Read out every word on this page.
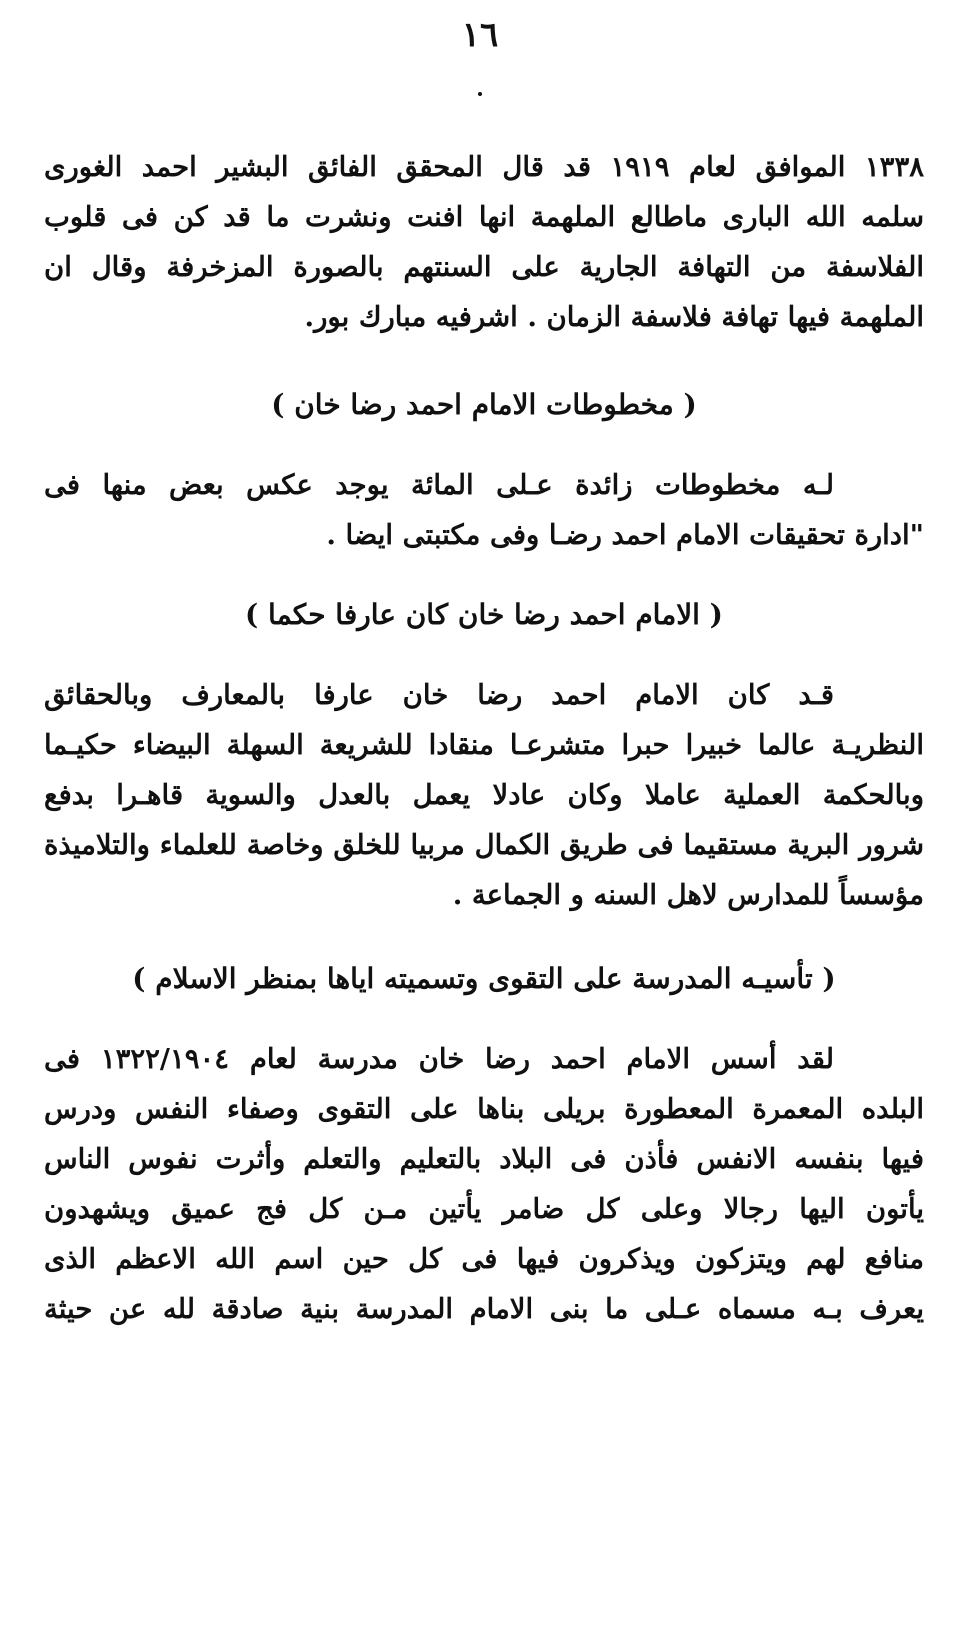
١٦
١٣٣٨ الموافق لعام ١٩١٩ قد قال المحقق الفائق البشير احمد الغورى
سلمه الله البارى ماطالع الملهمة انها افنت ونشرت ما قد كن فى قلوب
الفلاسفة من التهافة الجارية على السنتهم بالصورة المزخرفة وقال ان
الملهمة فيها تهافة فلاسفة الزمان . اشرفيه مبارك بور.

( مخطوطات الامام احمد رضا خان )

لـه مخطوطات زائدة عـلى المائة يوجد عكس بعض منها فى
"ادارة تحقيقات الامام احمد رضـا وفى مكتبتى ايضا .

( الامام احمد رضا خان كان عارفا حكما )

قـد كان الامام احمد رضا خان عارفا بالمعارف وبالحقائق
النظريـة عالما خبيرا حبرا متشرعـا منقادا للشريعة السهلة البيضاء حكيـما
وبالحكمة العملية عاملا وكان عادلا يعمل بالعدل والسوية قاهـرا بدفع
شرور البرية مستقيما فى طريق الكمال مربيا للخلق وخاصة للعلماء والتلاميذة
مؤسساً للمدارس لاهل السنه و الجماعة .

( تأسيـه المدرسة على التقوى وتسميته اياها بمنظر الاسلام )

لقد أسس الامام احمد رضا خان مدرسة لعام ١٣٢٢/١٩٠٤ فى
البلده المعمرة المعطورة بريلى بناها على التقوى وصفاء النفس ودرس
فيها بنفسه الانفس فأذن فى البلاد بالتعليم والتعلم وأثرت نفوس الناس
يأتون اليها رجالا وعلى كل ضامر يأتين مـن كل فج عميق ويشهدون
منافع لهم ويتزكون ويذكرون فيها فى كل حين اسم الله الاعظم الذى
يعرف بـه مسماه عـلى ما بنى الامام المدرسة بنية صادقة لله عن حيثة
